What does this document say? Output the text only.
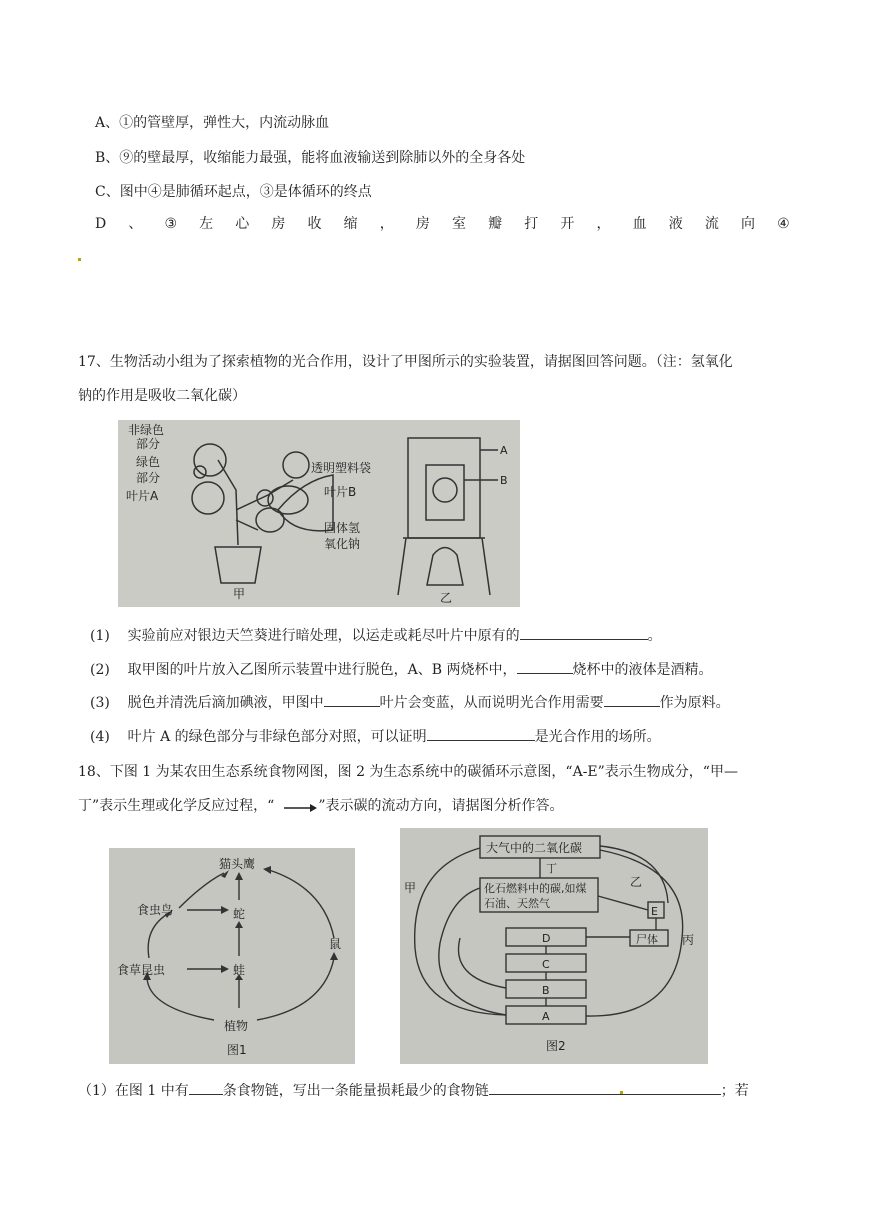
A、①的管壁厚，弹性大，内流动脉血
B、⑨的壁最厚，收缩能力最强，能将血液输送到除肺以外的全身各处
C、图中④是肺循环起点，③是体循环的终点
D 、 ③ 左 心 房 收 缩 ， 房 室 瓣 打 开 ， 血 液 流 向 ④
17、生物活动小组为了探索植物的光合作用，设计了甲图所示的实验装置，请据图回答问题。（注：氢氧化
钠的作用是吸收二氧化碳）
非绿色
部分
绿色
部分
叶片A
透明塑料袋
叶片B
固体氢
氧化钠
甲
A
B
乙
(1) 实验前应对银边天竺葵进行暗处理，以运走或耗尽叶片中原有的	。
(2) 取甲图的叶片放入乙图所示装置中进行脱色，A、B 两烧杯中，	烧杯中的液体是酒精。
(3) 脱色并清洗后滴加碘液，甲图中	叶片会变蓝，从而说明光合作用需要	作为原料。
(4) 叶片 A 的绿色部分与非绿色部分对照，可以证明	是光合作用的场所。
18、下图 1 为某农田生态系统食物网图，图 2 为生态系统中的碳循环示意图，“A-E”表示生物成分，“甲—
丁”表示生理或化学反应过程，“	”表示碳的流动方向，请据图分析作答。
猫头鹰
食虫鸟	蛇
鼠
食草昆虫	蛙
植物
图1
大气中的二氧化碳
化石燃料中的碳,如煤
石油、天然气
丁
甲	乙
丙
E
尸体
D
C
B
A
图2
（1）在图 1 中有 条食物链，写出一条能量损耗最少的食物链	；若
